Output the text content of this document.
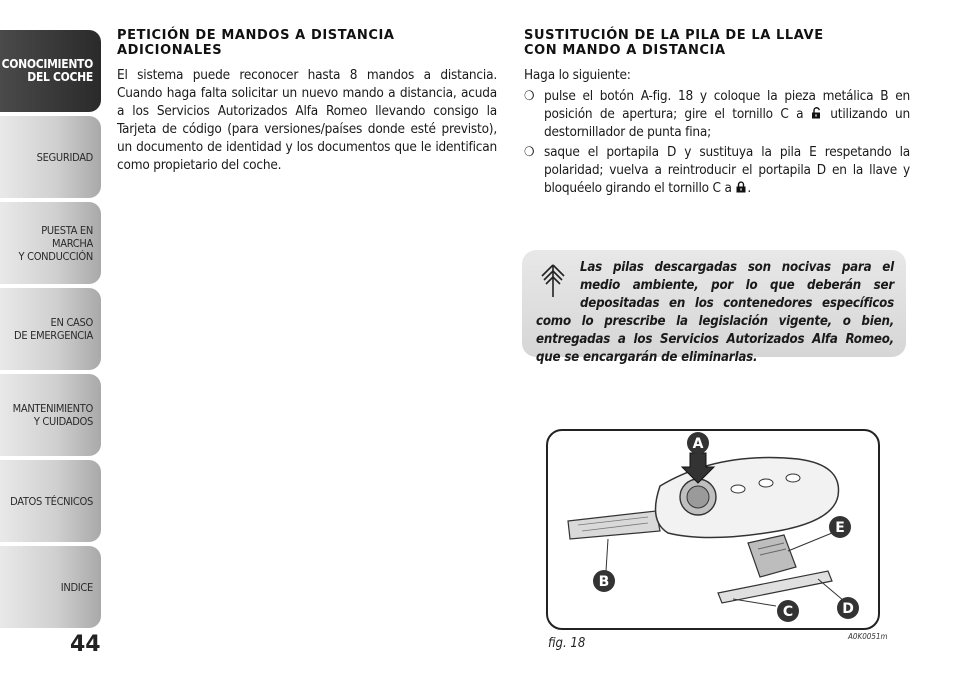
CONOCIMIENTO
DEL COCHE
SEGURIDAD
PUESTA EN MARCHA
Y CONDUCCIÓN
EN CASO
DE EMERGENCIA
MANTENIMIENTO
Y CUIDADOS
DATOS TÉCNICOS
INDICE
44
PETICIÓN DE MANDOS A DISTANCIA
ADICIONALES

El sistema puede reconocer hasta 8 mandos a distancia. Cuando haga falta solicitar un nuevo mando a distancia, acuda a los Servicios Autorizados Alfa Romeo llevando consigo la Tarjeta de código (para versiones/países donde esté previsto), un documento de identidad y los documentos que le identifican como propietario del coche.

SUSTITUCIÓN DE LA PILA DE LA LLAVE
CON MANDO A DISTANCIA

Haga lo siguiente:

❍ pulse el botón A-fig. 18 y coloque la pieza metálica B en posición de apertura; gire el tornillo C a  utilizando un destornillador de punta fina;
❍ saque el portapila D y sustituya la pila E respetando la polaridad; vuelva a reintroducir el portapila D en la llave y bloquéelo girando el tornillo C a .
Las pilas descargadas son nocivas para el medio ambiente, por lo que deberán ser depositadas en los contenedores específicos como lo prescribe la legislación vigente, o bien, entregadas a los Servicios Autorizados Alfa Romeo, que se encargarán de eliminarlas.
A
B
C	D
E
fig. 18	A0K0051m
